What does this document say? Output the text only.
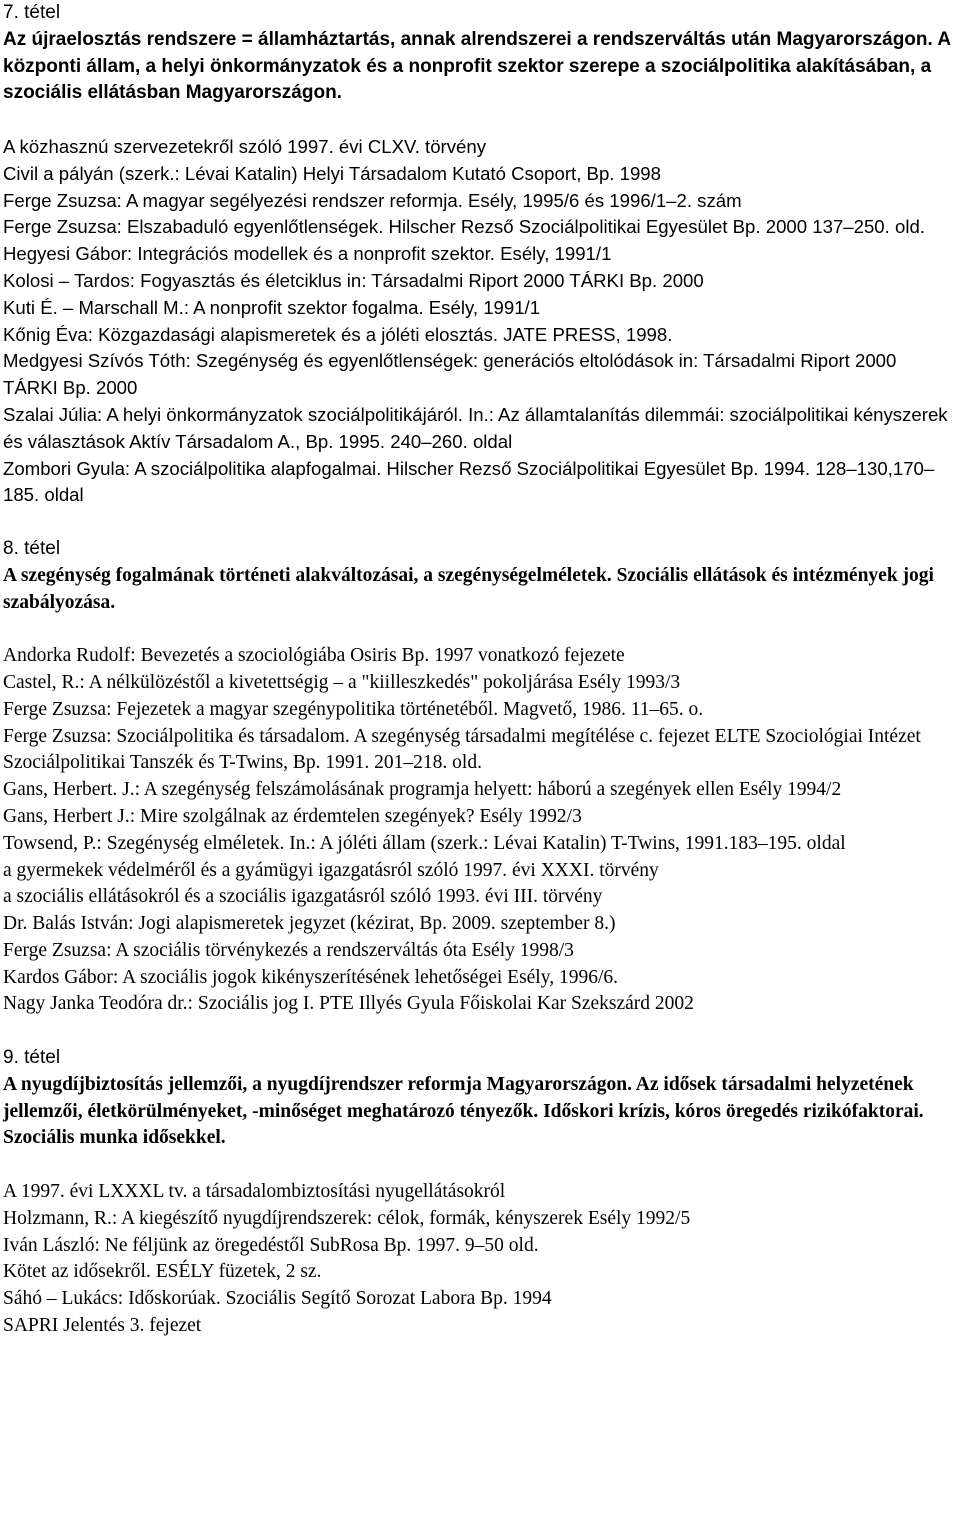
7. tétel
Az újraelosztás rendszere = államháztartás, annak alrendszerei a rendszerváltás után Magyarországon. A központi állam, a helyi önkormányzatok és a nonprofit szektor szerepe a szociálpolitika alakításában, a szociális ellátásban Magyarországon.
A közhasznú szervezetekről szóló 1997. évi CLXV. törvény
Civil a pályán (szerk.: Lévai Katalin) Helyi Társadalom Kutató Csoport, Bp. 1998
Ferge Zsuzsa: A magyar segélyezési rendszer reformja. Esély, 1995/6 és 1996/1–2. szám
Ferge Zsuzsa: Elszabaduló egyenlőtlenségek. Hilscher Rezső Szociálpolitikai Egyesület Bp. 2000 137–250. old.
Hegyesi Gábor: Integrációs modellek és a nonprofit szektor. Esély, 1991/1
Kolosi – Tardos: Fogyasztás és életciklus in: Társadalmi Riport 2000 TÁRKI Bp. 2000
Kuti É. – Marschall M.: A nonprofit szektor fogalma. Esély, 1991/1
Kőnig Éva: Közgazdasági alapismeretek és a jóléti elosztás. JATE PRESS, 1998.
Medgyesi Szívós Tóth: Szegénység és egyenlőtlenségek: generációs eltolódások in: Társadalmi Riport 2000 TÁRKI Bp. 2000
Szalai Júlia: A helyi önkormányzatok szociálpolitikájáról. In.: Az államtalanítás dilemmái: szociálpolitikai kényszerek és választások Aktív Társadalom A., Bp. 1995. 240–260. oldal
Zombori Gyula: A szociálpolitika alapfogalmai. Hilscher Rezső Szociálpolitikai Egyesület Bp. 1994. 128–130,170–185. oldal
8. tétel
A szegénység fogalmának történeti alakváltozásai, a szegénységelméletek. Szociális ellátások és intézmények jogi szabályozása.
Andorka Rudolf: Bevezetés a szociológiába Osiris Bp. 1997 vonatkozó fejezete
Castel, R.: A nélkülözéstől a kivetettségig – a "kiilleszkedés" pokoljárása Esély 1993/3
Ferge Zsuzsa: Fejezetek a magyar szegénypolitika történetéből. Magvető, 1986. 11–65. o.
Ferge Zsuzsa: Szociálpolitika és társadalom. A szegénység társadalmi megítélése c. fejezet ELTE Szociológiai Intézet Szociálpolitikai Tanszék és T-Twins, Bp. 1991. 201–218. old.
Gans, Herbert. J.: A szegénység felszámolásának programja helyett: háború a szegények ellen Esély 1994/2
Gans, Herbert J.: Mire szolgálnak az érdemtelen szegények? Esély 1992/3
Towsend, P.: Szegénység elméletek. In.: A jóléti állam (szerk.: Lévai Katalin) T-Twins, 1991.183–195. oldal
a gyermekek védelméről és a gyámügyi igazgatásról szóló 1997. évi XXXI. törvény
a szociális ellátásokról és a szociális igazgatásról szóló 1993. évi III. törvény
Dr. Balás István: Jogi alapismeretek jegyzet (kézirat, Bp. 2009. szeptember 8.)
Ferge Zsuzsa: A szociális törvénykezés a rendszerváltás óta Esély 1998/3
Kardos Gábor: A szociális jogok kikényszerítésének lehetőségei Esély, 1996/6.
Nagy Janka Teodóra dr.: Szociális jog I. PTE Illyés Gyula Főiskolai Kar Szekszárd 2002
9. tétel
A nyugdíjbiztosítás jellemzői, a nyugdíjrendszer reformja Magyarországon. Az idősek társadalmi helyzetének jellemzői, életkörülményeket, -minőséget meghatározó tényezők. Időskori krízis, kóros öregedés rizikófaktorai. Szociális munka idősekkel.
A 1997. évi LXXXL tv. a társadalombiztosítási nyugellátásokról
Holzmann, R.: A kiegészítő nyugdíjrendszerek: célok, formák, kényszerek Esély 1992/5
Iván László: Ne féljünk az öregedéstől SubRosa Bp. 1997. 9–50 old.
Kötet az idősekről. ESÉLY füzetek, 2 sz.
Sáhó – Lukács: Időskorúak. Szociális Segítő Sorozat Labora Bp. 1994
SAPRI Jelentés 3. fejezet
